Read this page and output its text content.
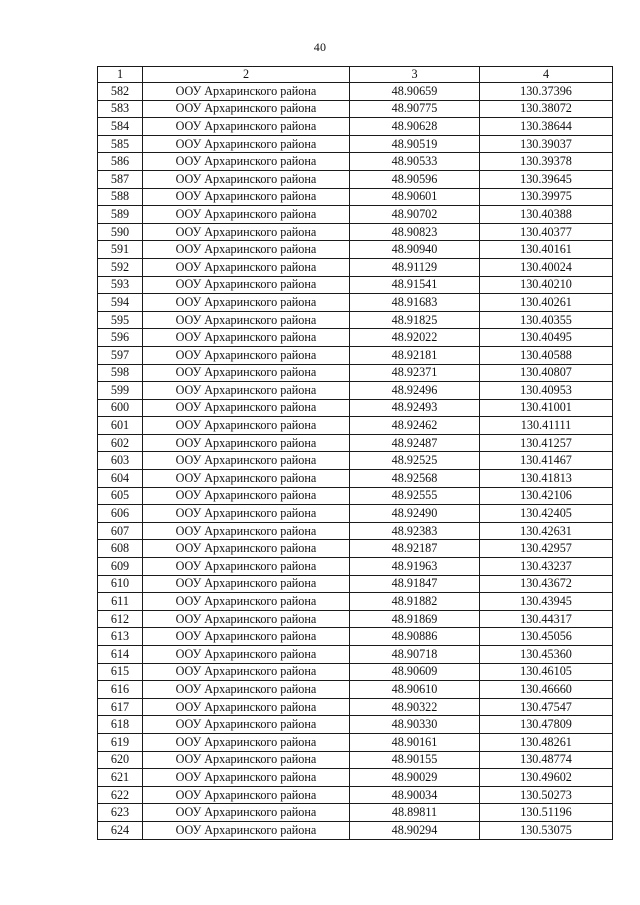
40
1	2	3	4
582	ООУ Архаринского района	48.90659	130.37396
583	ООУ Архаринского района	48.90775	130.38072
584	ООУ Архаринского района	48.90628	130.38644
585	ООУ Архаринского района	48.90519	130.39037
586	ООУ Архаринского района	48.90533	130.39378
587	ООУ Архаринского района	48.90596	130.39645
588	ООУ Архаринского района	48.90601	130.39975
589	ООУ Архаринского района	48.90702	130.40388
590	ООУ Архаринского района	48.90823	130.40377
591	ООУ Архаринского района	48.90940	130.40161
592	ООУ Архаринского района	48.91129	130.40024
593	ООУ Архаринского района	48.91541	130.40210
594	ООУ Архаринского района	48.91683	130.40261
595	ООУ Архаринского района	48.91825	130.40355
596	ООУ Архаринского района	48.92022	130.40495
597	ООУ Архаринского района	48.92181	130.40588
598	ООУ Архаринского района	48.92371	130.40807
599	ООУ Архаринского района	48.92496	130.40953
600	ООУ Архаринского района	48.92493	130.41001
601	ООУ Архаринского района	48.92462	130.41111
602	ООУ Архаринского района	48.92487	130.41257
603	ООУ Архаринского района	48.92525	130.41467
604	ООУ Архаринского района	48.92568	130.41813
605	ООУ Архаринского района	48.92555	130.42106
606	ООУ Архаринского района	48.92490	130.42405
607	ООУ Архаринского района	48.92383	130.42631
608	ООУ Архаринского района	48.92187	130.42957
609	ООУ Архаринского района	48.91963	130.43237
610	ООУ Архаринского района	48.91847	130.43672
611	ООУ Архаринского района	48.91882	130.43945
612	ООУ Архаринского района	48.91869	130.44317
613	ООУ Архаринского района	48.90886	130.45056
614	ООУ Архаринского района	48.90718	130.45360
615	ООУ Архаринского района	48.90609	130.46105
616	ООУ Архаринского района	48.90610	130.46660
617	ООУ Архаринского района	48.90322	130.47547
618	ООУ Архаринского района	48.90330	130.47809
619	ООУ Архаринского района	48.90161	130.48261
620	ООУ Архаринского района	48.90155	130.48774
621	ООУ Архаринского района	48.90029	130.49602
622	ООУ Архаринского района	48.90034	130.50273
623	ООУ Архаринского района	48.89811	130.51196
624	ООУ Архаринского района	48.90294	130.53075
